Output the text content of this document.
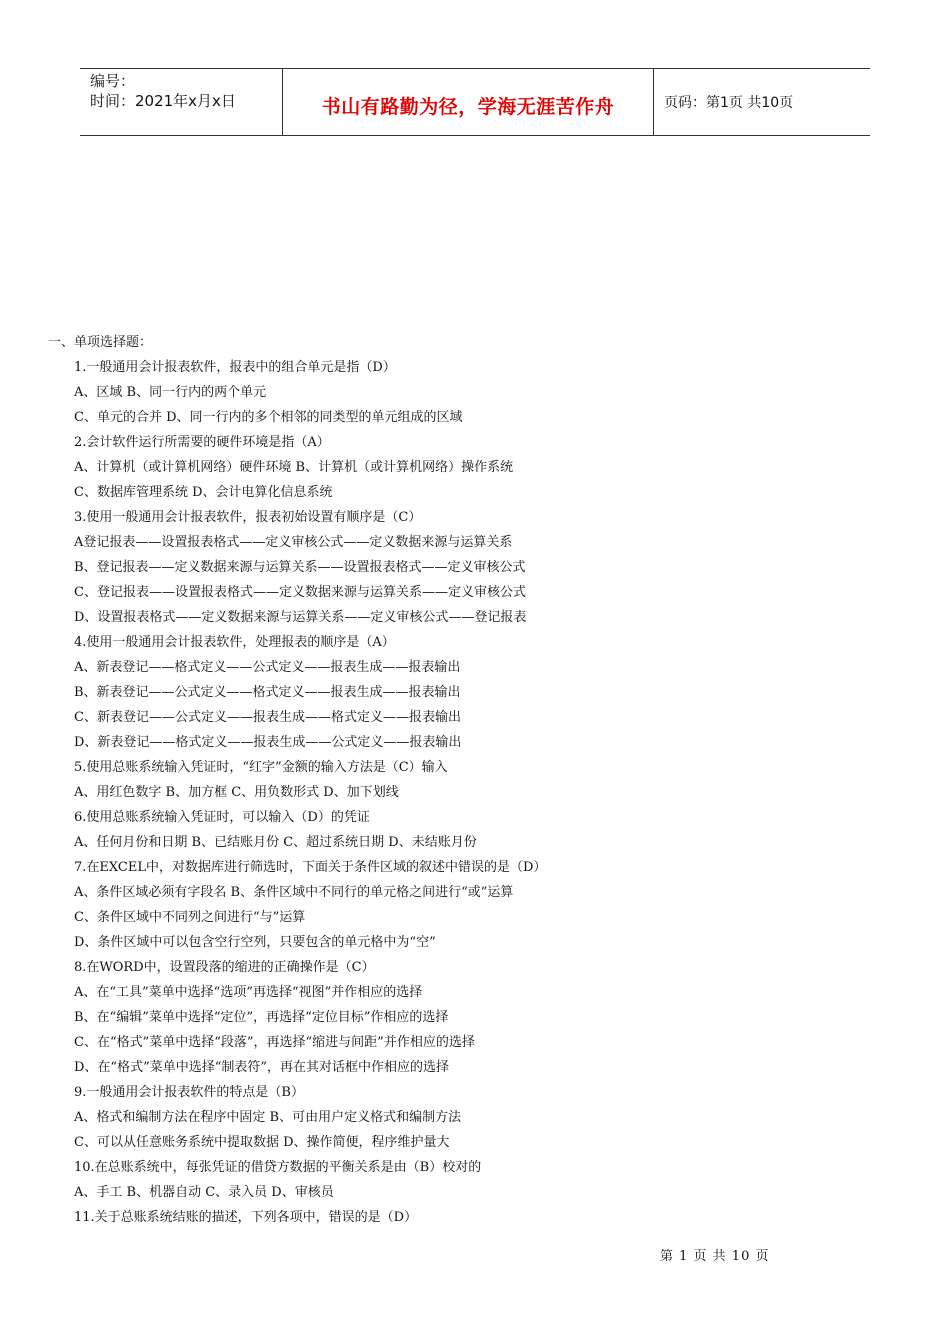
编号：
时间：2021年x月x日	书山有路勤为径，学海无涯苦作舟	页码：第1页 共10页
一、单项选择题：
1.一般通用会计报表软件，报表中的组合单元是指（D）
A、区域 B、同一行内的两个单元
C、单元的合并 D、同一行内的多个相邻的同类型的单元组成的区域
2.会计软件运行所需要的硬件环境是指（A）
A、计算机（或计算机网络）硬件环境 B、计算机（或计算机网络）操作系统
C、数据库管理系统 D、会计电算化信息系统
3.使用一般通用会计报表软件，报表初始设置有顺序是（C）
A登记报表——设置报表格式——定义审核公式——定义数据来源与运算关系
B、登记报表——定义数据来源与运算关系——设置报表格式——定义审核公式
C、登记报表——设置报表格式——定义数据来源与运算关系——定义审核公式
D、设置报表格式——定义数据来源与运算关系——定义审核公式——登记报表
4.使用一般通用会计报表软件，处理报表的顺序是（A）
A、新表登记——格式定义——公式定义——报表生成——报表输出
B、新表登记——公式定义——格式定义——报表生成——报表输出
C、新表登记——公式定义——报表生成——格式定义——报表输出
D、新表登记——格式定义——报表生成——公式定义——报表输出
5.使用总账系统输入凭证时，“红字”金额的输入方法是（C）输入
A、用红色数字 B、加方框 C、用负数形式 D、加下划线
6.使用总账系统输入凭证时，可以输入（D）的凭证
A、任何月份和日期 B、已结账月份 C、超过系统日期 D、未结账月份
7.在EXCEL中，对数据库进行筛选时，下面关于条件区域的叙述中错误的是（D）
A、条件区域必须有字段名 B、条件区域中不同行的单元格之间进行“或”运算
C、条件区域中不同列之间进行“与”运算
D、条件区域中可以包含空行空列，只要包含的单元格中为“空”
8.在WORD中，设置段落的缩进的正确操作是（C）
A、在“工具”菜单中选择“选项”再选择“视图”并作相应的选择
B、在“编辑”菜单中选择“定位”，再选择“定位目标”作相应的选择
C、在“格式”菜单中选择“段落”，再选择“缩进与间距”并作相应的选择
D、在“格式”菜单中选择“制表符”，再在其对话框中作相应的选择
9.一般通用会计报表软件的特点是（B）
A、格式和编制方法在程序中固定 B、可由用户定义格式和编制方法
C、可以从任意账务系统中提取数据 D、操作简便，程序维护量大
10.在总账系统中，每张凭证的借贷方数据的平衡关系是由（B）校对的
A、手工 B、机器自动 C、录入员 D、审核员
11.关于总账系统结账的描述，下列各项中，错误的是（D）
第 1 页 共 10 页
